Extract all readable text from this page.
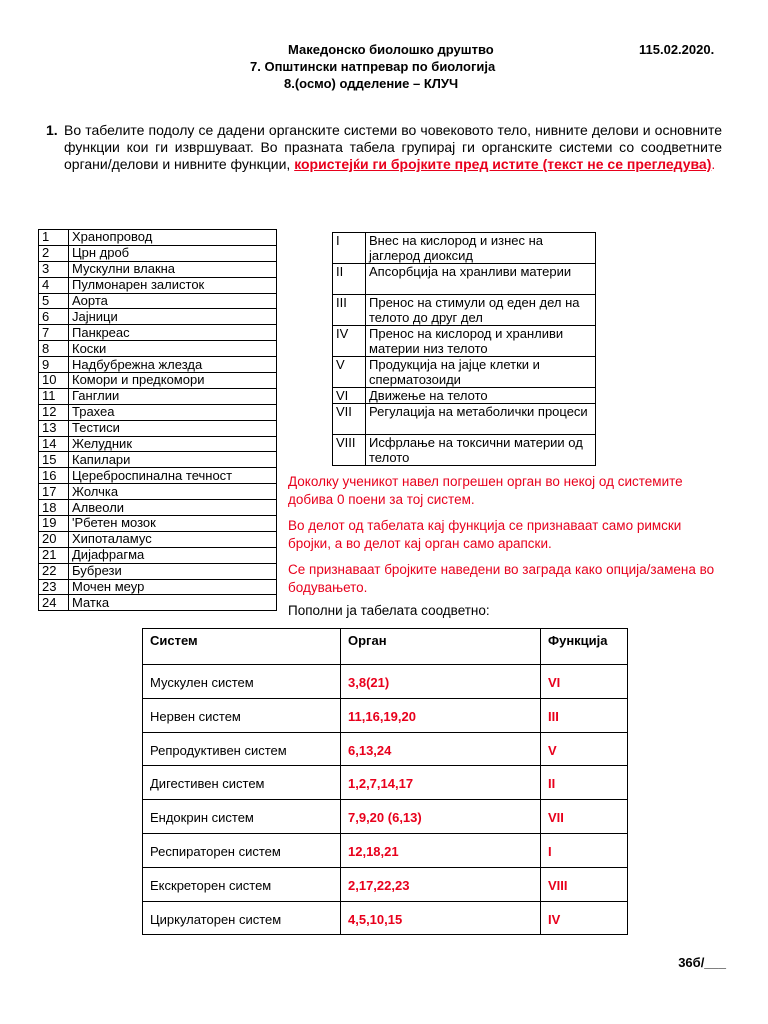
Македонско биолошко друштво	115.02.2020.
7. Општински натпревар по биологија
8.(осмо) одделение – КЛУЧ
1. Во табелите подолу се дадени органските системи во човековото тело, нивните делови и основните функции кои ги извршуваат. Во празната табела групирај ги органските системи со соодветните органи/делови и нивните функции, користејќи ги бројките пред истите (текст не се прегледува).
1	Хранопровод
2	Црн дроб
3	Мускулни влакна
4	Пулмонарен залисток
5	Аорта
6	Јајници
7	Панкреас
8	Коски
9	Надбубрежна жлезда
10	Комори и предкомори
11	Ганглии
12	Трахеа
13	Тестиси
14	Желудник
15	Капилари
16	Цереброспинална течност
17	Жолчка
18	Алвеоли
19	'Рбетен мозок
20	Хипоталамус
21	Дијафрагма
22	Бубрези
23	Мочен меур
24	Матка
I	Внес на кислород и изнес на јаглерод диоксид
II	Апсорбција на хранливи материи
III	Пренос на стимули од еден дел на телото до друг дел
IV	Пренос на кислород и хранливи материи низ телото
V	Продукција на јајце клетки и сперматозоиди
VI	Движење на телото
VII	Регулација на метаболички процеси
VIII	Исфрлање на токсични материи од телото
Доколку ученикот навел погрешен орган во некој од системите добива 0 поени за тој систем.
Во делот од табелата кај функција се признаваат само римски бројки, а во делот кај орган само арапски.
Се признаваат бројките наведени во заграда како опција/замена во бодувањето.
Пополни ја табелата соодветно:
Систем	Орган	Функција
Мускулен систем	3,8(21)	VI
Нервен систем	11,16,19,20	III
Репродуктивен систем	6,13,24	V
Дигестивен систем	1,2,7,14,17	II
Ендокрин систем	7,9,20 (6,13)	VII
Респираторен систем	12,18,21	I
Екскреторен систем	2,17,22,23	VIII
Циркулаторен систем	4,5,10,15	IV
36б/___
